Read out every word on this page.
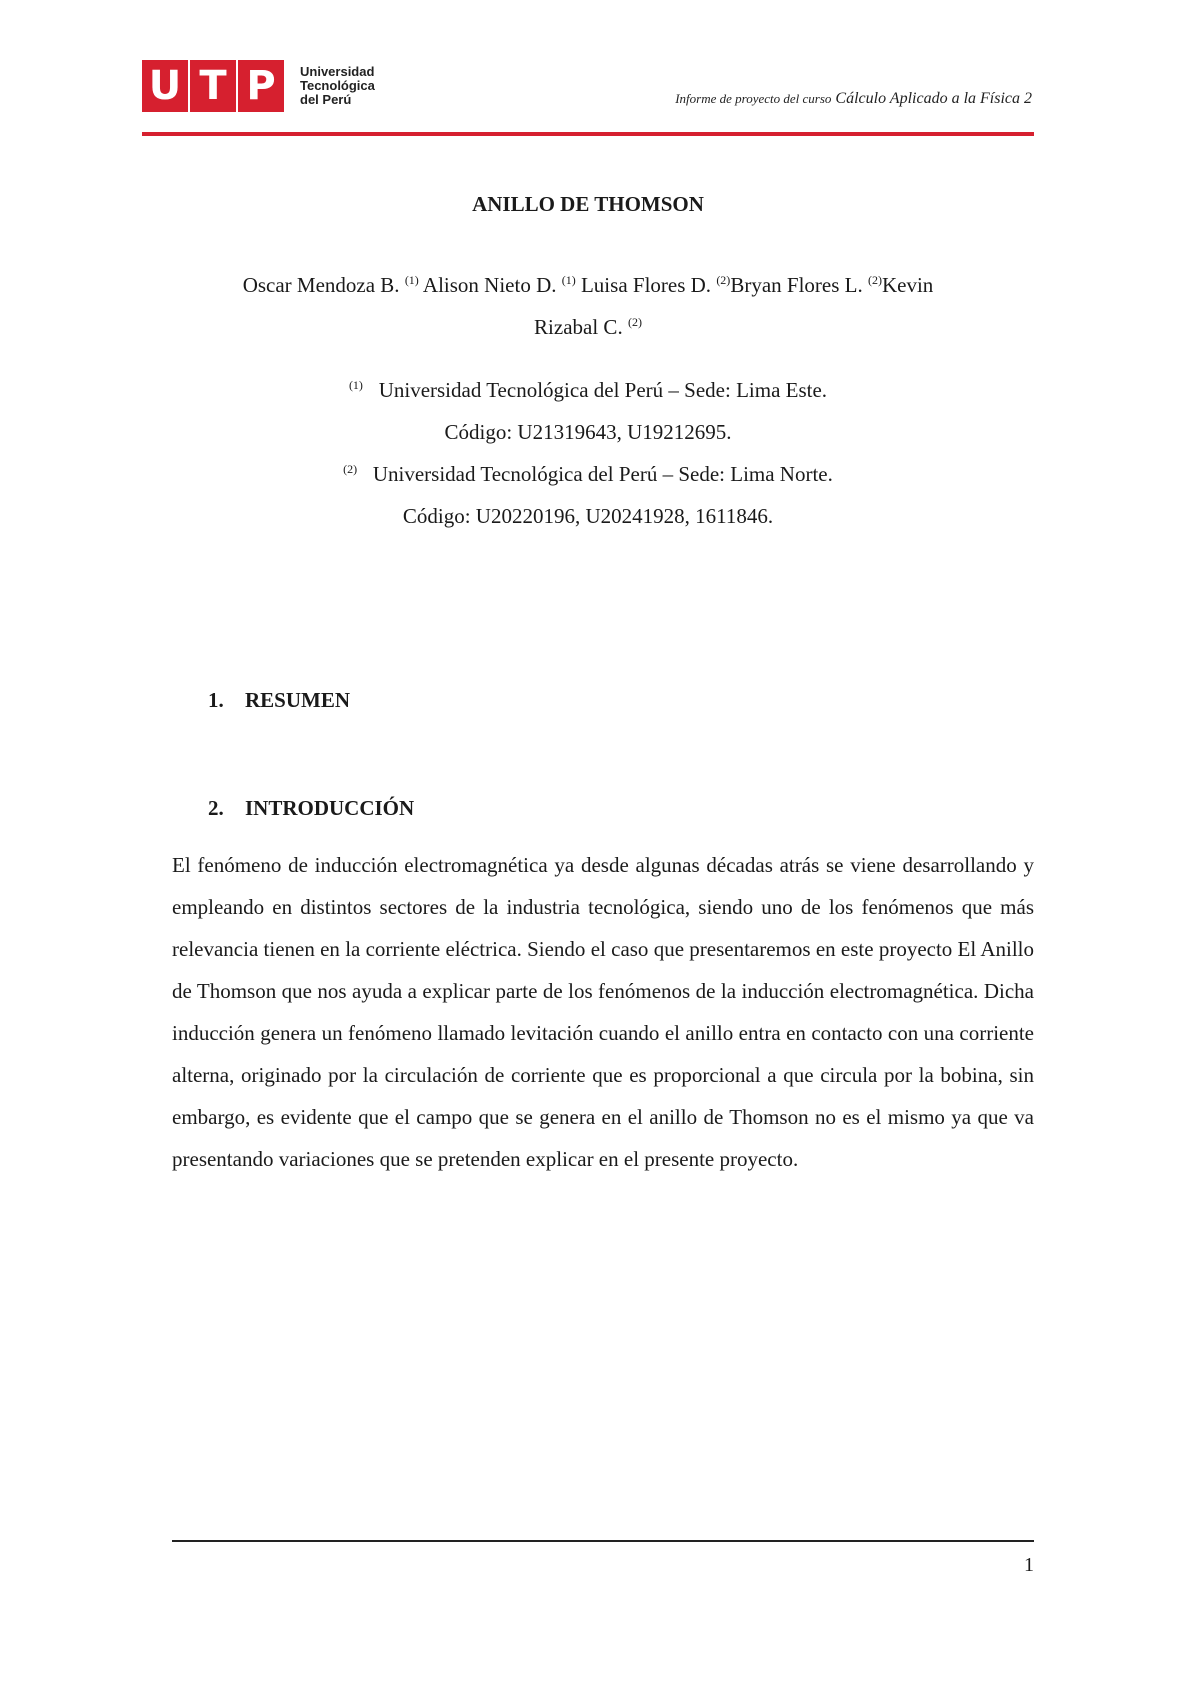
U T P	Universidad
Tecnológica
del Perú	Informe de proyecto del curso Cálculo Aplicado a la Física 2
ANILLO DE THOMSON
Oscar Mendoza B. $^{(1)}$ Alison Nieto D. $^{(1)}$ Luisa Flores D. $^{(2)}$Bryan Flores L. $^{(2)}$Kevin
Rizabal C. $^{(2)}$
$^{(1)}$ Universidad Tecnológica del Perú – Sede: Lima Este.
Código: U21319643, U19212695.
$^{(2)}$ Universidad Tecnológica del Perú – Sede: Lima Norte.
Código: U20220196, U20241928, 1611846.
1. RESUMEN
2. INTRODUCCIÓN
El fenómeno de inducción electromagnética ya desde algunas décadas atrás se viene desarrollando y empleando en distintos sectores de la industria tecnológica, siendo uno de los fenómenos que más relevancia tienen en la corriente eléctrica. Siendo el caso que presentaremos en este proyecto El Anillo de Thomson que nos ayuda a explicar parte de los fenómenos de la inducción electromagnética. Dicha inducción genera un fenómeno llamado levitación cuando el anillo entra en contacto con una corriente alterna, originado por la circulación de corriente que es proporcional a que circula por la bobina, sin embargo, es evidente que el campo que se genera en el anillo de Thomson no es el mismo ya que va presentando variaciones que se pretenden explicar en el presente proyecto.
1
